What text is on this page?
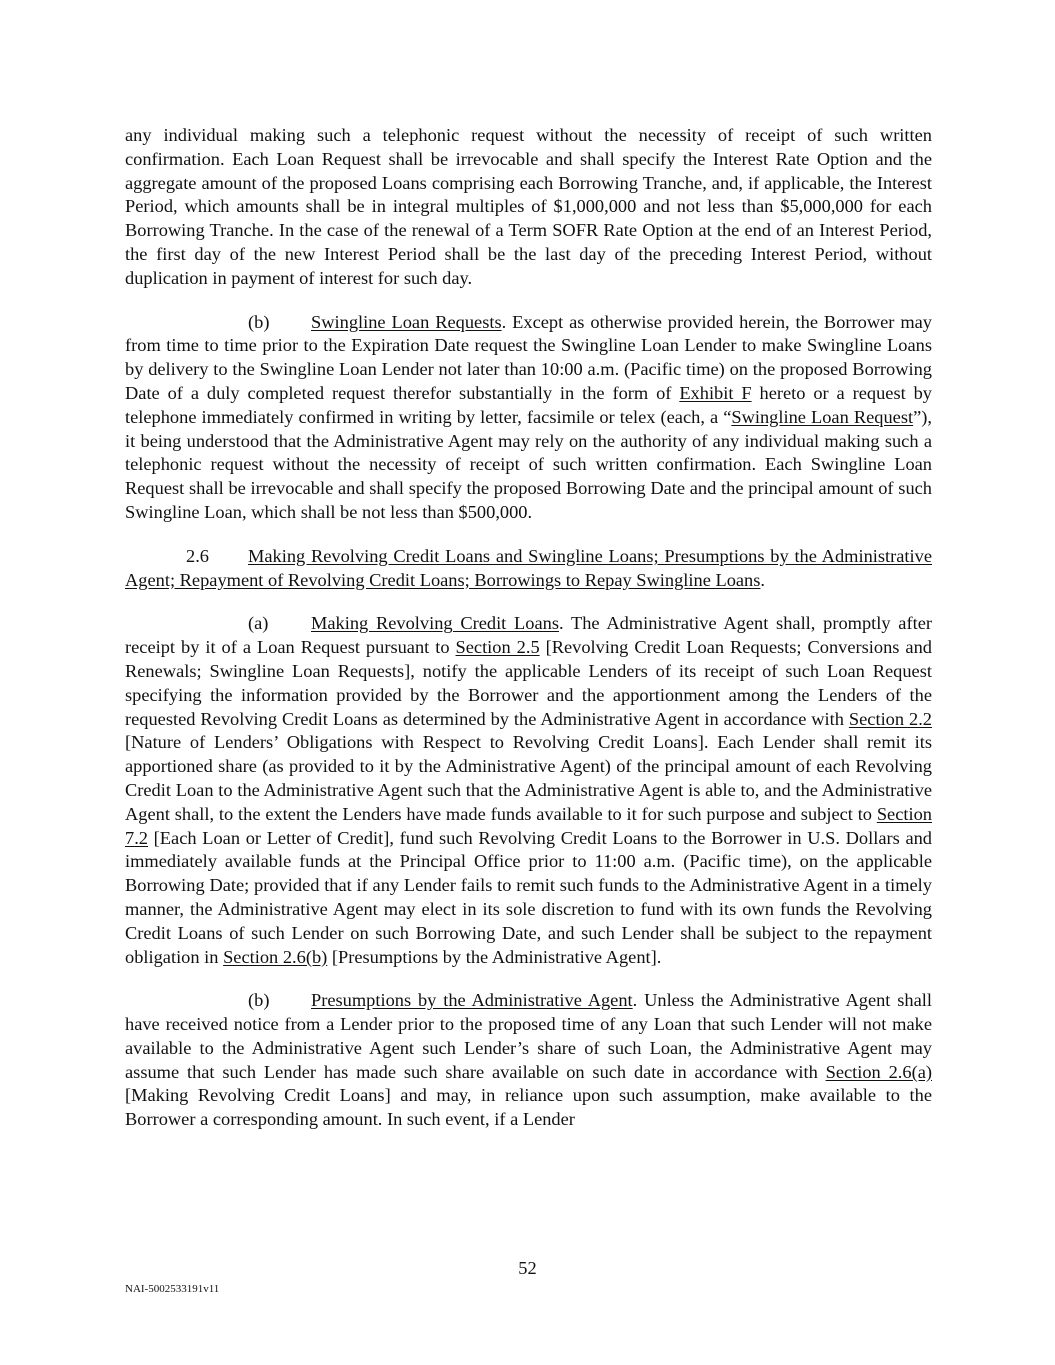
any individual making such a telephonic request without the necessity of receipt of such written confirmation. Each Loan Request shall be irrevocable and shall specify the Interest Rate Option and the aggregate amount of the proposed Loans comprising each Borrowing Tranche, and, if applicable, the Interest Period, which amounts shall be in integral multiples of $1,000,000 and not less than $5,000,000 for each Borrowing Tranche. In the case of the renewal of a Term SOFR Rate Option at the end of an Interest Period, the first day of the new Interest Period shall be the last day of the preceding Interest Period, without duplication in payment of interest for such day.

(b) Swingline Loan Requests. Except as otherwise provided herein, the Borrower may from time to time prior to the Expiration Date request the Swingline Loan Lender to make Swingline Loans by delivery to the Swingline Loan Lender not later than 10:00 a.m. (Pacific time) on the proposed Borrowing Date of a duly completed request therefor substantially in the form of Exhibit F hereto or a request by telephone immediately confirmed in writing by letter, facsimile or telex (each, a “Swingline Loan Request”), it being understood that the Administrative Agent may rely on the authority of any individual making such a telephonic request without the necessity of receipt of such written confirmation. Each Swingline Loan Request shall be irrevocable and shall specify the proposed Borrowing Date and the principal amount of such Swingline Loan, which shall be not less than $500,000.

2.6 Making Revolving Credit Loans and Swingline Loans; Presumptions by the Administrative Agent; Repayment of Revolving Credit Loans; Borrowings to Repay Swingline Loans.

(a) Making Revolving Credit Loans. The Administrative Agent shall, promptly after receipt by it of a Loan Request pursuant to Section 2.5 [Revolving Credit Loan Requests; Conversions and Renewals; Swingline Loan Requests], notify the applicable Lenders of its receipt of such Loan Request specifying the information provided by the Borrower and the apportionment among the Lenders of the requested Revolving Credit Loans as determined by the Administrative Agent in accordance with Section 2.2 [Nature of Lenders’ Obligations with Respect to Revolving Credit Loans]. Each Lender shall remit its apportioned share (as provided to it by the Administrative Agent) of the principal amount of each Revolving Credit Loan to the Administrative Agent such that the Administrative Agent is able to, and the Administrative Agent shall, to the extent the Lenders have made funds available to it for such purpose and subject to Section 7.2 [Each Loan or Letter of Credit], fund such Revolving Credit Loans to the Borrower in U.S. Dollars and immediately available funds at the Principal Office prior to 11:00 a.m. (Pacific time), on the applicable Borrowing Date; provided that if any Lender fails to remit such funds to the Administrative Agent in a timely manner, the Administrative Agent may elect in its sole discretion to fund with its own funds the Revolving Credit Loans of such Lender on such Borrowing Date, and such Lender shall be subject to the repayment obligation in Section 2.6(b) [Presumptions by the Administrative Agent].

(b) Presumptions by the Administrative Agent. Unless the Administrative Agent shall have received notice from a Lender prior to the proposed time of any Loan that such Lender will not make available to the Administrative Agent such Lender’s share of such Loan, the Administrative Agent may assume that such Lender has made such share available on such date in accordance with Section 2.6(a) [Making Revolving Credit Loans] and may, in reliance upon such assumption, make available to the Borrower a corresponding amount. In such event, if a Lender

52
NAI-5002533191v11
